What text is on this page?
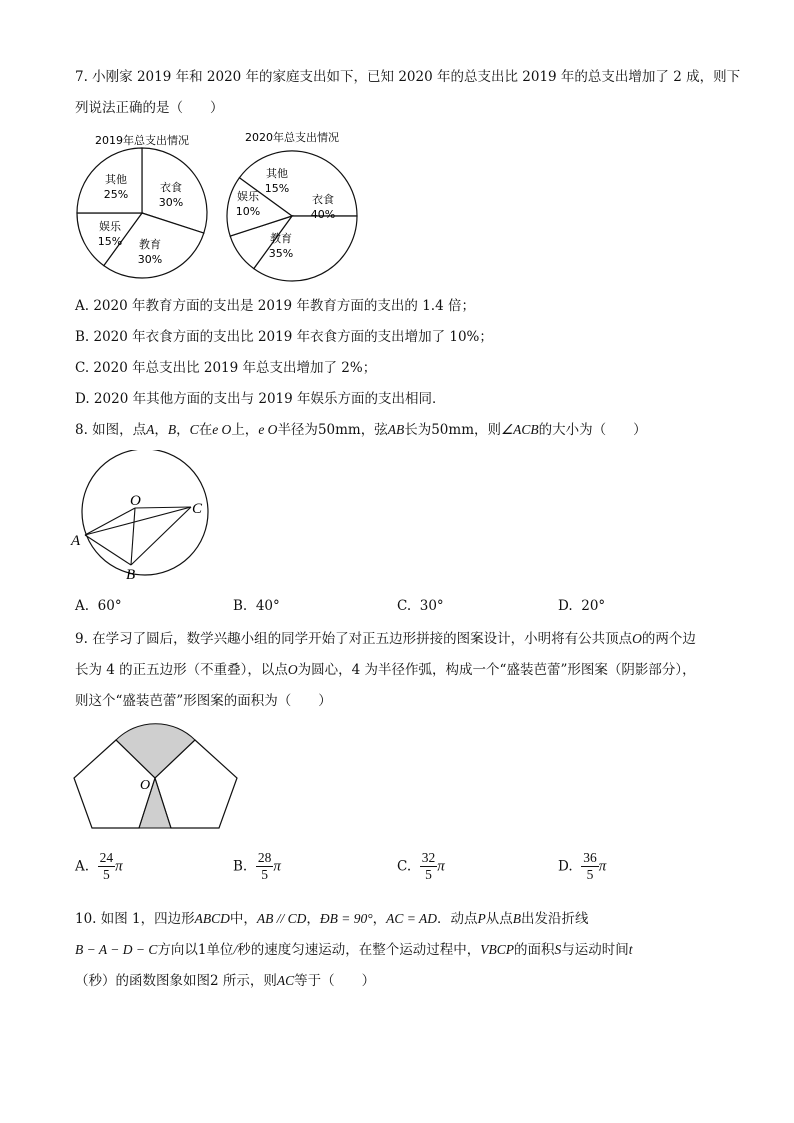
7. 小刚家 2019 年和 2020 年的家庭支出如下，已知 2020 年的总支出比 2019 年的总支出增加了 2 成，则下
列说法正确的是（　　）
2019年总支出情况
衣食
30%
教育
30%
娱乐
15%
其他
25%
2020年总支出情况
衣食
40%
教育
35%
娱乐
10%
其他
15%
A. 2020 年教育方面的支出是 2019 年教育方面的支出的 1.4 倍；
B. 2020 年衣食方面的支出比 2019 年衣食方面的支出增加了 10%；
C. 2020 年总支出比 2019 年总支出增加了 2%；
D. 2020 年其他方面的支出与 2019 年娱乐方面的支出相同．
8. 如图，点A，B，C在e O上，e O半径为50mm，弦AB长为50mm，则∠ACB的大小为（　　）
O	C
A
B
A. 60°	B. 40°	C. 30°	D. 20°
9. 在学习了圆后，数学兴趣小组的同学开始了对正五边形拼接的图案设计，小明将有公共顶点O的两个边
长为 4 的正五边形（不重叠），以点O为圆心，4 为半径作弧，构成一个“盛装芭蕾”形图案（阴影部分），
则这个“盛装芭蕾”形图案的面积为（　　）
O
A. $\frac{24}{5}$ π	B. $\frac{28}{5}$ π	C. $\frac{32}{5}$ π	D. $\frac{36}{5}$ π
10. 如图 1，四边形ABCD中，AB // CD，ÐB = 90°，AC = AD．动点P从点B出发沿折线
B − A − D − C方向以1单位/秒的速度匀速运动，在整个运动过程中，VBCP的面积S与运动时间t
（秒）的函数图象如图2 所示，则AC等于（　　）
